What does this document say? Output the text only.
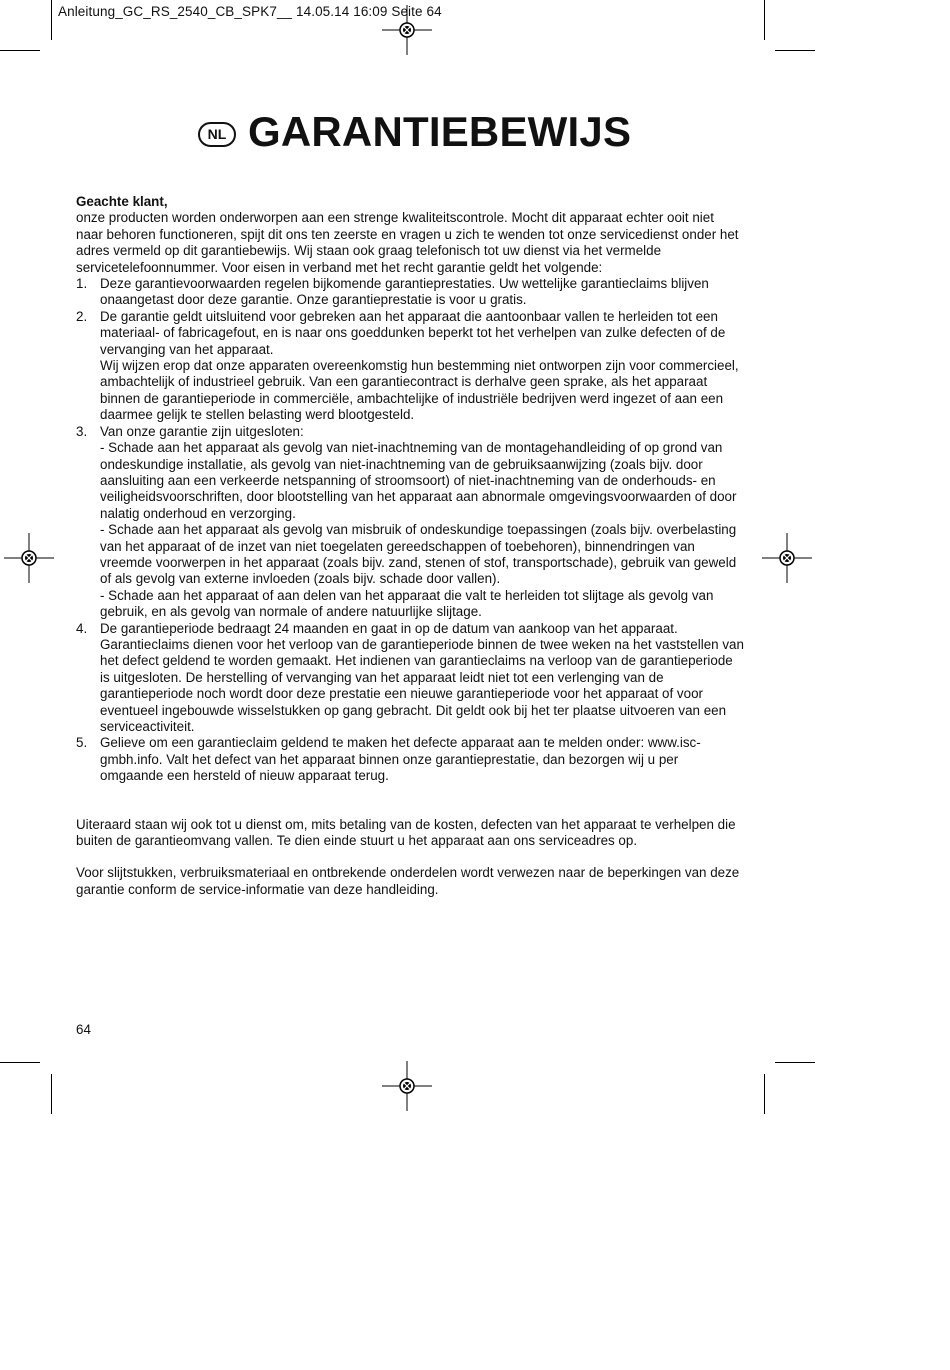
Anleitung_GC_RS_2540_CB_SPK7__ 14.05.14 16:09 Seite 64
NL GARANTIEBEWIJS

Geachte klant,

onze producten worden onderworpen aan een strenge kwaliteitscontrole. Mocht dit apparaat echter ooit niet naar behoren functioneren, spijt dit ons ten zeerste en vragen u zich te wenden tot onze servicedienst onder het adres vermeld op dit garantiebewijs. Wij staan ook graag telefonisch tot uw dienst via het vermelde servicetelefoonnummer. Voor eisen in verband met het recht garantie geldt het volgende:

1. Deze garantievoorwaarden regelen bijkomende garantieprestaties. Uw wettelijke garantieclaims blijven onaangetast door deze garantie. Onze garantieprestatie is voor u gratis.

2. De garantie geldt uitsluitend voor gebreken aan het apparaat die aantoonbaar vallen te herleiden tot een materiaal- of fabricagefout, en is naar ons goeddunken beperkt tot het verhelpen van zulke defecten of de vervanging van het apparaat.

Wij wijzen erop dat onze apparaten overeenkomstig hun bestemming niet ontworpen zijn voor commercieel, ambachtelijk of industrieel gebruik. Van een garantiecontract is derhalve geen sprake, als het apparaat binnen de garantieperiode in commerciële, ambachtelijke of industriële bedrijven werd ingezet of aan een daarmee gelijk te stellen belasting werd blootgesteld.

3. Van onze garantie zijn uitgesloten:

- Schade aan het apparaat als gevolg van niet-inachtneming van de montagehandleiding of op grond van ondeskundige installatie, als gevolg van niet-inachtneming van de gebruiksaanwijzing (zoals bijv. door aansluiting aan een verkeerde netspanning of stroomsoort) of niet-inachtneming van de onderhouds- en veiligheidsvoorschriften, door blootstelling van het apparaat aan abnormale omgevingsvoorwaarden of door nalatig onderhoud en verzorging.

- Schade aan het apparaat als gevolg van misbruik of ondeskundige toepassingen (zoals bijv. overbelasting van het apparaat of de inzet van niet toegelaten gereedschappen of toebehoren), binnendringen van vreemde voorwerpen in het apparaat (zoals bijv. zand, stenen of stof, transportschade), gebruik van geweld of als gevolg van externe invloeden (zoals bijv. schade door vallen).

- Schade aan het apparaat of aan delen van het apparaat die valt te herleiden tot slijtage als gevolg van gebruik, en als gevolg van normale of andere natuurlijke slijtage.

4. De garantieperiode bedraagt 24 maanden en gaat in op de datum van aankoop van het apparaat. Garantieclaims dienen voor het verloop van de garantieperiode binnen de twee weken na het vaststellen van het defect geldend te worden gemaakt. Het indienen van garantieclaims na verloop van de garantieperiode is uitgesloten. De herstelling of vervanging van het apparaat leidt niet tot een verlenging van de garantieperiode noch wordt door deze prestatie een nieuwe garantieperiode voor het apparaat of voor eventueel ingebouwde wisselstukken op gang gebracht. Dit geldt ook bij het ter plaatse uitvoeren van een serviceactiviteit.

5. Gelieve om een garantieclaim geldend te maken het defecte apparaat aan te melden onder: www.isc-gmbh.info. Valt het defect van het apparaat binnen onze garantieprestatie, dan bezorgen wij u per omgaande een hersteld of nieuw apparaat terug.

Uiteraard staan wij ook tot u dienst om, mits betaling van de kosten, defecten van het apparaat te verhelpen die buiten de garantieomvang vallen. Te dien einde stuurt u het apparaat aan ons serviceadres op.

Voor slijtstukken, verbruiksmateriaal en ontbrekende onderdelen wordt verwezen naar de beperkingen van deze garantie conform de service-informatie van deze handleiding.

64
